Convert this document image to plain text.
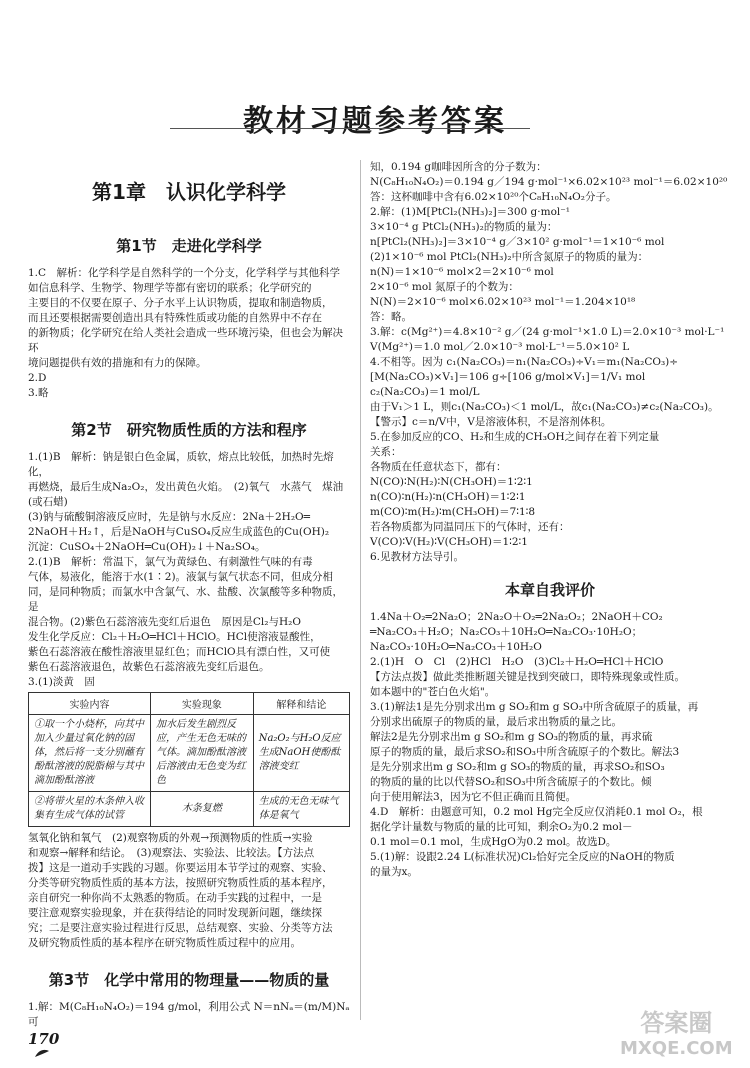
教材习题参考答案
第1章　认识化学科学
第1节　走进化学科学

1.C　解析：化学科学是自然科学的一个分支，化学科学与其他科学

如信息科学、生物学、物理学等都有密切的联系；化学研究的

主要目的不仅要在原子、分子水平上认识物质，提取和制造物质，

而且还要根据需要创造出具有特殊性质或功能的自然界中不存在

的新物质；化学研究在给人类社会造成一些环境污染，但也会为解决环

境问题提供有效的措施和有力的保障。

2.D

3.略

第2节　研究物质性质的方法和程序

1.(1)B　解析：钠是银白色金属，质软，熔点比较低，加热时先熔化，

再燃烧，最后生成Na₂O₂，发出黄色火焰。　(2)氧气　水蒸气　煤油(或石蜡)

(3)钠与硫酸铜溶液反应时，先是钠与水反应：2Na＋2H₂O═

2NaOH＋H₂↑，后是NaOH与CuSO₄反应生成蓝色的Cu(OH)₂

沉淀：CuSO₄＋2NaOH═Cu(OH)₂↓＋Na₂SO₄。

2.(1)B　解析：常温下，氯气为黄绿色、有刺激性气味的有毒

气体，易液化，能溶于水(1∶2)。液氯与氯气状态不同，但成分相

同，是同种物质；而氯水中含氯气、水、盐酸、次氯酸等多种物质，是

混合物。(2)紫色石蕊溶液先变红后退色　原因是Cl₂与H₂O

发生化学反应：Cl₂＋H₂O═HCl＋HClO。HCl使溶液显酸性，

紫色石蕊溶液在酸性溶液里显红色；而HClO具有漂白性，又可使

紫色石蕊溶液退色，故紫色石蕊溶液先变红后退色。

3.(1)淡黄　固

实验内容	实验现象	解释和结论
①取一个小烧杯，向其中加入少量过氧化钠的固体，然后将一支分别蘸有酚酞溶液的脱脂棉与其中滴加酚酞溶液	加水后发生剧烈反应，产生无色无味的气体。滴加酚酞溶液后溶液由无色变为红色	Na₂O₂与H₂O反应生成NaOH使酚酞溶液变红
②将带火星的木条伸入收集有生成气体的试管	木条复燃	生成的无色无味气体是氧气

氢氧化钠和氧气　(2)观察物质的外观→预测物质的性质→实验

和观察→解释和结论。　(3)观察法、实验法、比较法。【方法点

拨】这是一道动手实践的习题。你要运用本节学过的观察、实验、

分类等研究物质性质的基本方法，按照研究物质性质的基本程序，

亲自研究一种你尚不太熟悉的物质。在动手实践的过程中，一是

要注意观察实验现象，并在获得结论的同时发现新问题，继续探

究；二是要注意实验过程进行反思，总结观察、实验、分类等方法

及研究物质性质的基本程序在研究物质性质过程中的应用。

第3节　化学中常用的物理量——物质的量

1.解：M(C₈H₁₀N₄O₂)＝194 g/mol，利用公式 N＝nNₐ＝(m/M)Nₐ 可

知，0.194 g咖啡因所含的分子数为：

N(C₈H₁₀N₄O₂)＝0.194 g／194 g·mol⁻¹×6.02×10²³ mol⁻¹＝6.02×10²⁰

答：这杯咖啡中含有6.02×10²⁰个C₈H₁₀N₄O₂分子。

2.解：(1)M[PtCl₂(NH₃)₂]＝300 g·mol⁻¹

3×10⁻⁴ g PtCl₂(NH₃)₂的物质的量为：

n[PtCl₂(NH₃)₂]＝3×10⁻⁴ g／3×10² g·mol⁻¹＝1×10⁻⁶ mol

(2)1×10⁻⁶ mol PtCl₂(NH₃)₂中所含氮原子的物质的量为：

n(N)＝1×10⁻⁶ mol×2＝2×10⁻⁶ mol

2×10⁻⁶ mol 氮原子的个数为：

N(N)＝2×10⁻⁶ mol×6.02×10²³ mol⁻¹＝1.204×10¹⁸

答：略。

3.解：c(Mg²⁺)＝4.8×10⁻² g／(24 g·mol⁻¹×1.0 L)＝2.0×10⁻³ mol·L⁻¹

V(Mg²⁺)＝1.0 mol／2.0×10⁻³ mol·L⁻¹＝5.0×10² L

4.不相等。因为 c₁(Na₂CO₃)＝n₁(Na₂CO₃)÷V₁＝m₁(Na₂CO₃)÷

[M(Na₂CO₃)×V₁]＝106 g÷[106 g/mol×V₁]＝1/V₁ mol

c₂(Na₂CO₃)＝1 mol/L

由于V₁＞1 L，则c₁(Na₂CO₃)＜1 mol/L，故c₁(Na₂CO₃)≠c₂(Na₂CO₃)。

【警示】c＝n/V中，V是溶液体积，不是溶剂体积。

5.在参加反应的CO、H₂和生成的CH₃OH之间存在着下列定量

关系：

各物质在任意状态下，都有：

N(CO)∶N(H₂)∶N(CH₃OH)＝1∶2∶1

n(CO)∶n(H₂)∶n(CH₃OH)＝1∶2∶1

m(CO)∶m(H₂)∶m(CH₃OH)＝7∶1∶8

若各物质都为同温同压下的气体时，还有：

V(CO)∶V(H₂)∶V(CH₃OH)＝1∶2∶1

6.见教材方法导引。

本章自我评价

1.4Na＋O₂═2Na₂O；2Na₂O＋O₂═2Na₂O₂；2NaOH＋CO₂

═Na₂CO₃＋H₂O；Na₂CO₃＋10H₂O═Na₂CO₃·10H₂O；

Na₂CO₃·10H₂O═Na₂CO₃＋10H₂O

2.(1)H　O　Cl　(2)HCl　H₂O　(3)Cl₂＋H₂O═HCl＋HClO

【方法点拨】做此类推断题关键是找到突破口，即特殊现象或性质。

如本题中的"苍白色火焰"。

3.(1)解法1是先分别求出m g SO₂和m g SO₃中所含硫原子的质量，再

分别求出硫原子的物质的量，最后求出物质的量之比。

解法2是先分别求出m g SO₂和m g SO₃的物质的量，再求硫

原子的物质的量，最后求SO₂和SO₃中所含硫原子的个数比。解法3

是先分别求出m g SO₂和m g SO₃的物质的量，再求SO₂和SO₃

的物质的量的比以代替SO₂和SO₃中所含硫原子的个数比。倾

向于使用解法3，因为它不但正确而且简便。

4.D　解析：由题意可知，0.2 mol Hg完全反应仅消耗0.1 mol O₂，根

据化学计量数与物质的量的比可知，剩余O₂为0.2 mol－

0.1 mol＝0.1 mol，生成HgO为0.2 mol。故选D。

5.(1)解：设跟2.24 L(标准状况)Cl₂恰好完全反应的NaOH的物质

的量为x。

170
答案圈
MXQE.COM
